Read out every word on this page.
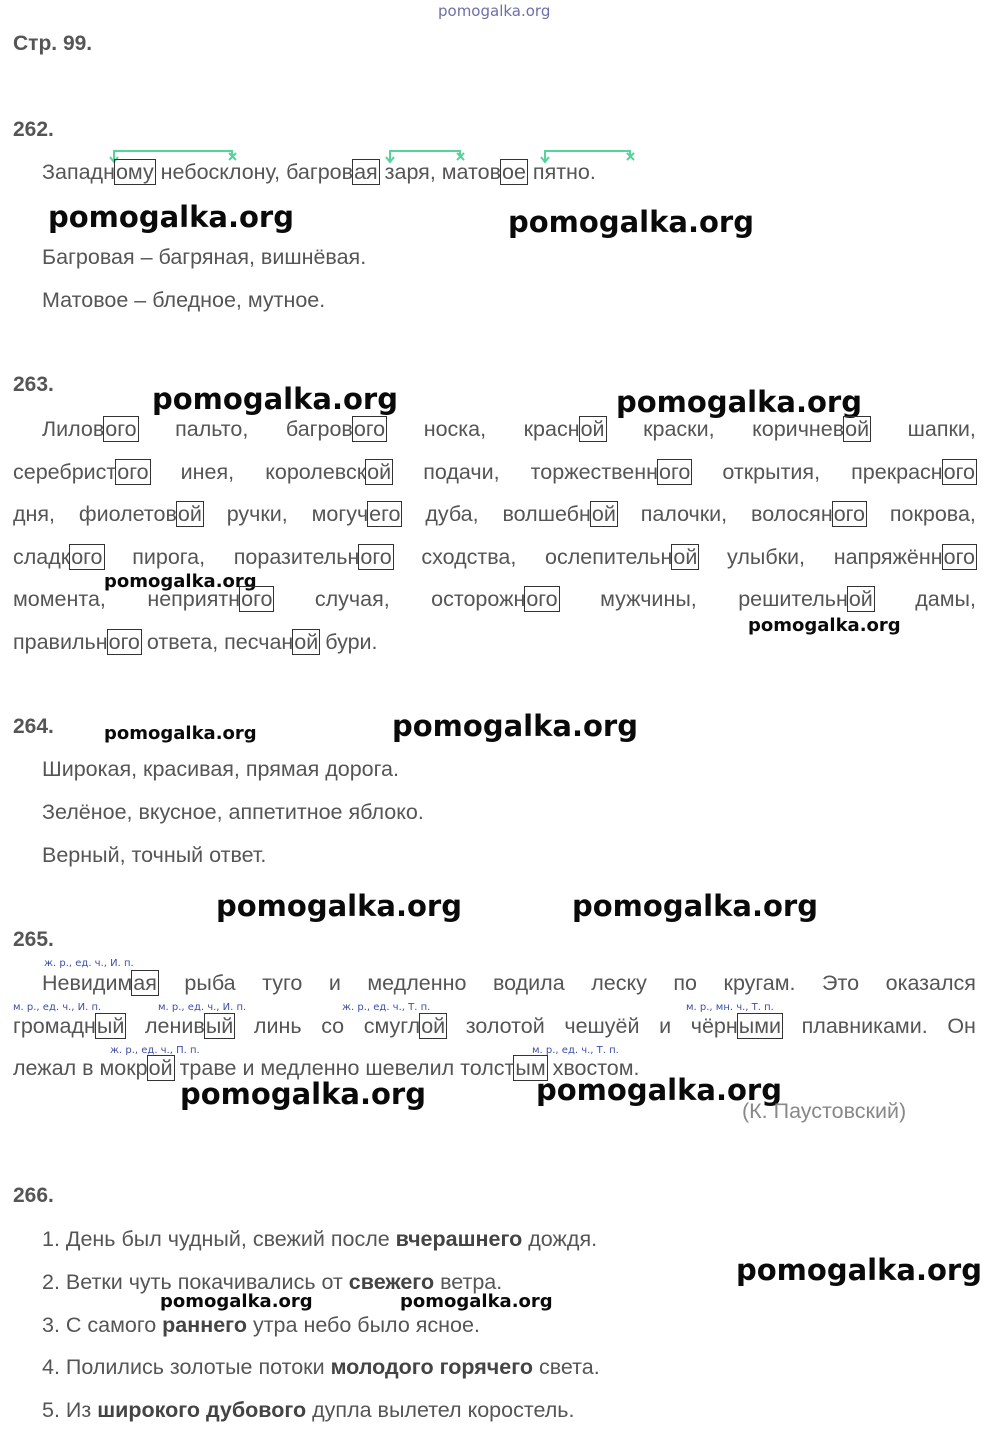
pomogalka.org
Стр. 99.
262.
Западному небосклону, багровая заря, матовое пятно.
pomogalka.org	pomogalka.org
Багровая – багряная, вишнёвая.
Матовое – бледное, мутное.
263.	pomogalka.org	pomogalka.org
Лилового пальто, багрового носка, красной краски, коричневой шапки,
серебристого инея, королевской подачи, торжественного открытия, прекрасного
дня, фиолетовой ручки, могучего дуба, волшебной палочки, волосяного покрова,
сладкого пирога, поразительного сходства, ослепительной улыбки, напряжённого
pomogalka.org
момента, неприятного случая, осторожного мужчины, решительной дамы,
pomogalka.org
правильного ответа, песчаной бури.
264.	pomogalka.org	pomogalka.org
Широкая, красивая, прямая дорога.
Зелёное, вкусное, аппетитное яблоко.
Верный, точный ответ.
pomogalka.org	pomogalka.org
265.
ж. р., ед. ч., И. п.
Невидимая рыба туго и медленно водила леску по кругам. Это оказался
м. р., ед. ч., И. п.	м. р., ед. ч., И. п.	ж. р., ед. ч., Т. п.	м. р., мн. ч., Т. п.
громадный ленивый линь со смуглой золотой чешуёй и чёрными плавниками. Он
ж. р., ед. ч., П. п.	м. р., ед. ч., Т. п.
лежал в мокрой траве и медленно шевелил толстым хвостом.
pomogalka.org	pomogalka.org
(К. Паустовский)
266.
1. День был чудный, свежий после вчерашнего дождя.
pomogalka.org
2. Ветки чуть покачивались от свежего ветра.
pomogalka.org	pomogalka.org
3. С самого раннего утра небо было ясное.
4. Полились золотые потоки молодого горячего света.
5. Из широкого дубового дупла вылетел коростель.
